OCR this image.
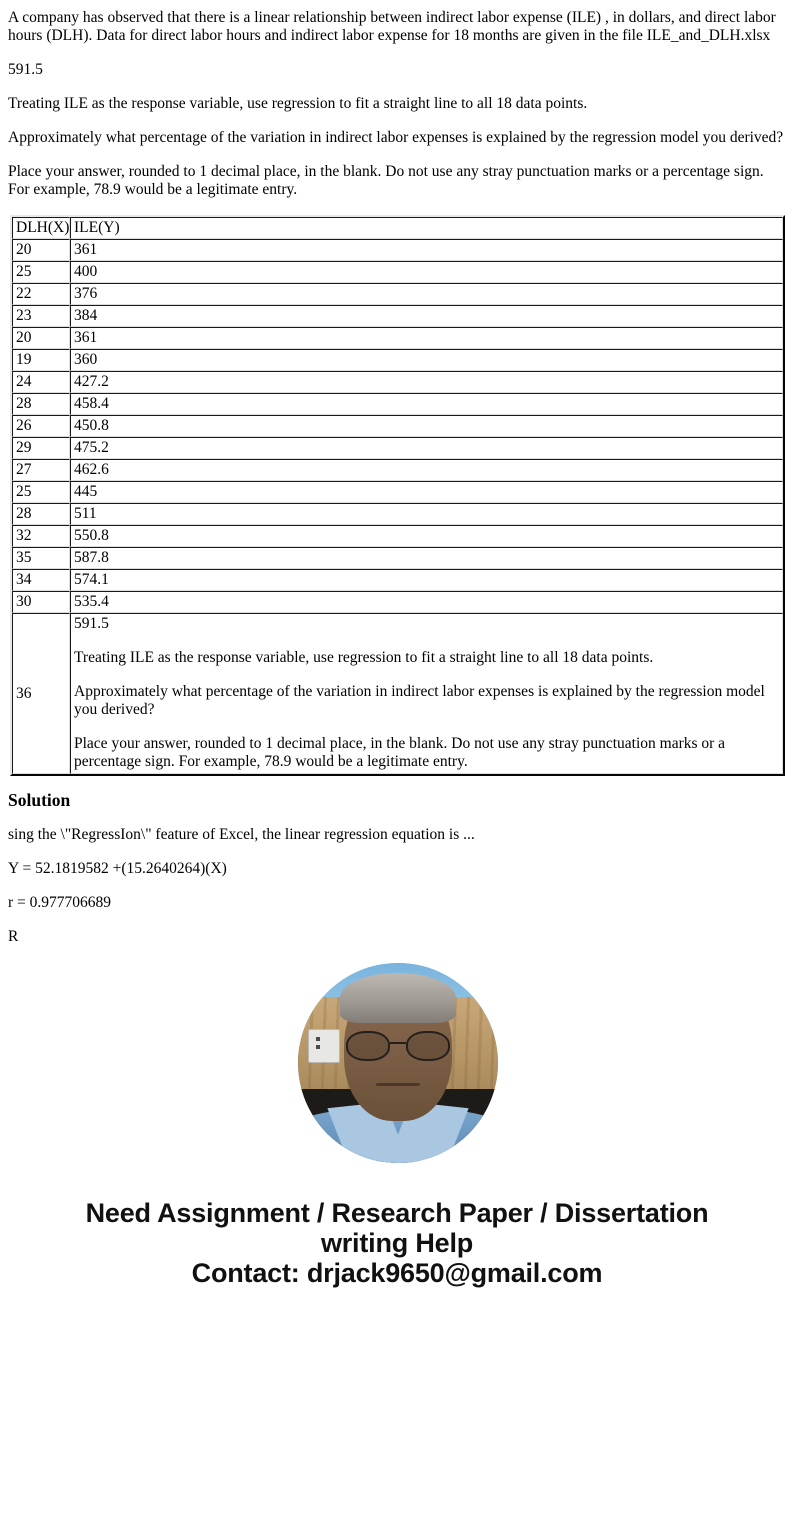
A company has observed that there is a linear relationship between indirect labor expense (ILE) , in dollars, and direct labor hours (DLH). Data for direct labor hours and indirect labor expense for 18 months are given in the file ILE_and_DLH.xlsx

591.5

Treating ILE as the response variable, use regression to fit a straight line to all 18 data points.

Approximately what percentage of the variation in indirect labor expenses is explained by the regression model you derived?

Place your answer, rounded to 1 decimal place, in the blank. Do not use any stray punctuation marks or a percentage sign. For example, 78.9 would be a legitimate entry.

DLH(X)	ILE(Y)
20	361
25	400
22	376
23	384
20	361
19	360
24	427.2
28	458.4
26	450.8
29	475.2
27	462.6
25	445
28	511
32	550.8
35	587.8
34	574.1
30	535.4
36	591.5

Treating ILE as the response variable, use regression to fit a straight line to all 18 data points.

Approximately what percentage of the variation in indirect labor expenses is explained by the regression model you derived?

Place your answer, rounded to 1 decimal place, in the blank. Do not use any stray punctuation marks or a percentage sign. For example, 78.9 would be a legitimate entry.

Solution

sing the \"RegressIon\" feature of Excel, the linear regression equation is ...

Y = 52.1819582 +(15.2640264)(X)

r = 0.977706689

R

Need Assignment / Research Paper / Dissertation
writing Help
Contact: drjack9650@gmail.com
